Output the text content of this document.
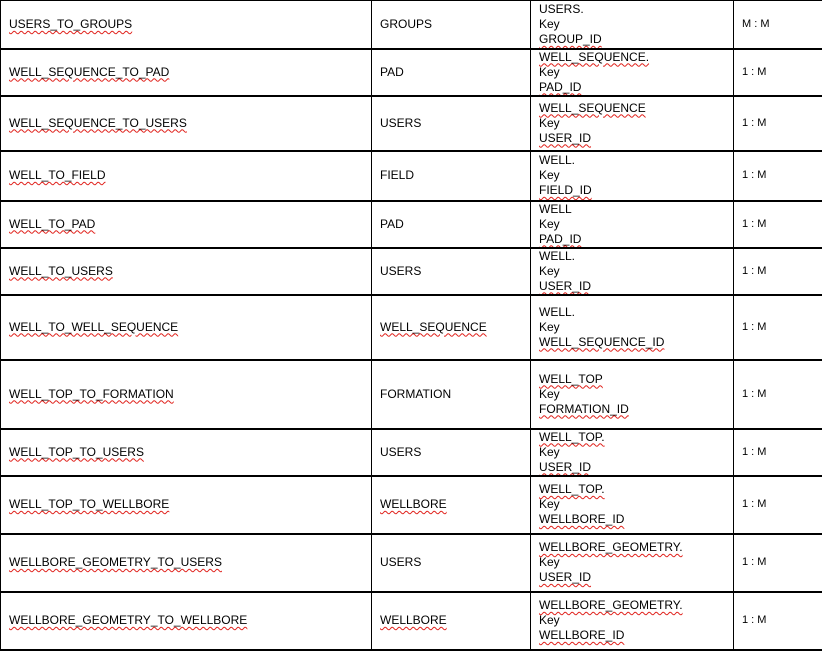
USERS_TO_GROUPS	GROUPS	USERS.
Key
GROUP_ID	M : M
WELL_SEQUENCE_TO_PAD	PAD	WELL_SEQUENCE.
Key
PAD_ID	1 : M
WELL_SEQUENCE_TO_USERS	USERS	WELL_SEQUENCE
Key
USER_ID	1 : M
WELL_TO_FIELD	FIELD	WELL.
Key
FIELD_ID	1 : M
WELL_TO_PAD	PAD	WELL
Key
PAD_ID	1 : M
WELL_TO_USERS	USERS	WELL.
Key
USER_ID	1 : M
WELL_TO_WELL_SEQUENCE	WELL_SEQUENCE	WELL.
Key
WELL_SEQUENCE_ID	1 : M
WELL_TOP_TO_FORMATION	FORMATION	WELL_TOP
Key
FORMATION_ID	1 : M
WELL_TOP_TO_USERS	USERS	WELL_TOP.
Key
USER_ID	1 : M
WELL_TOP_TO_WELLBORE	WELLBORE	WELL_TOP.
Key
WELLBORE_ID	1 : M
WELLBORE_GEOMETRY_TO_USERS	USERS	WELLBORE_GEOMETRY.
Key
USER_ID	1 : M
WELLBORE_GEOMETRY_TO_WELLBORE	WELLBORE	WELLBORE_GEOMETRY.
Key
WELLBORE_ID	1 : M
